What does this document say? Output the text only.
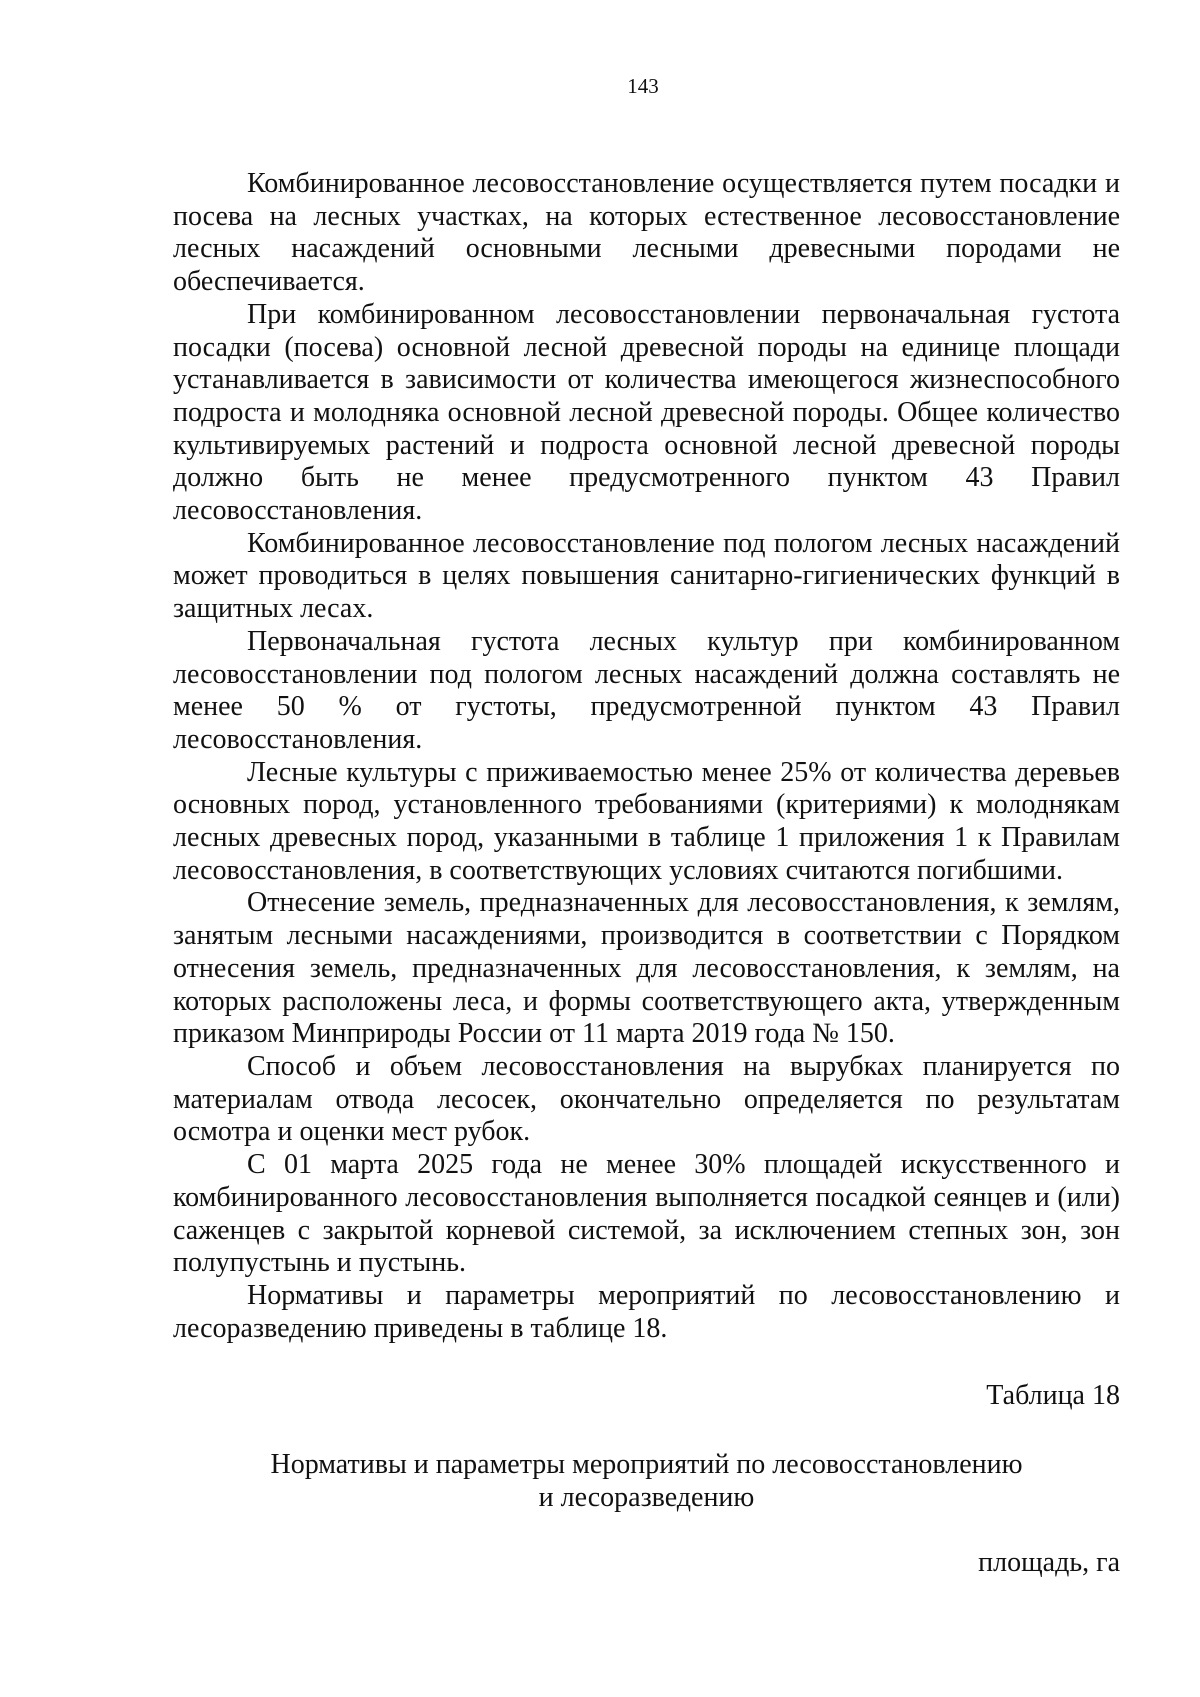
143

Комбинированное лесовосстановление осуществляется путем посадки и посева на лесных участках, на которых естественное лесовосстановление лесных насаждений основными лесными древесными породами не обеспечивается.

При комбинированном лесовосстановлении первоначальная густота посадки (посева) основной лесной древесной породы на единице площади устанавливается в зависимости от количества имеющегося жизнеспособного подроста и молодняка основной лесной древесной породы. Общее количество культивируемых растений и подроста основной лесной древесной породы должно быть не менее предусмотренного пунктом 43 Правил лесовосстановления.

Комбинированное лесовосстановление под пологом лесных насаждений может проводиться в целях повышения санитарно-гигиенических функций в защитных лесах.

Первоначальная густота лесных культур при комбинированном лесовосстановлении под пологом лесных насаждений должна составлять не менее 50 % от густоты, предусмотренной пунктом 43 Правил лесовосстановления.

Лесные культуры с приживаемостью менее 25% от количества деревьев основных пород, установленного требованиями (критериями) к молоднякам лесных древесных пород, указанными в таблице 1 приложения 1 к Правилам лесовосстановления, в соответствующих условиях считаются погибшими.

Отнесение земель, предназначенных для лесовосстановления, к землям, занятым лесными насаждениями, производится в соответствии с Порядком отнесения земель, предназначенных для лесовосстановления, к землям, на которых расположены леса, и формы соответствующего акта, утвержденным приказом Минприроды России от 11 марта 2019 года № 150.

Способ и объем лесовосстановления на вырубках планируется по материалам отвода лесосек, окончательно определяется по результатам осмотра и оценки мест рубок.

С 01 марта 2025 года не менее 30% площадей искусственного и комбинированного лесовосстановления выполняется посадкой сеянцев и (или) саженцев с закрытой корневой системой, за исключением степных зон, зон полупустынь и пустынь.

Нормативы и параметры мероприятий по лесовосстановлению и лесоразведению приведены в таблице 18.

Таблица 18
Нормативы и параметры мероприятий по лесовосстановлению
и лесоразведению
площадь, га
